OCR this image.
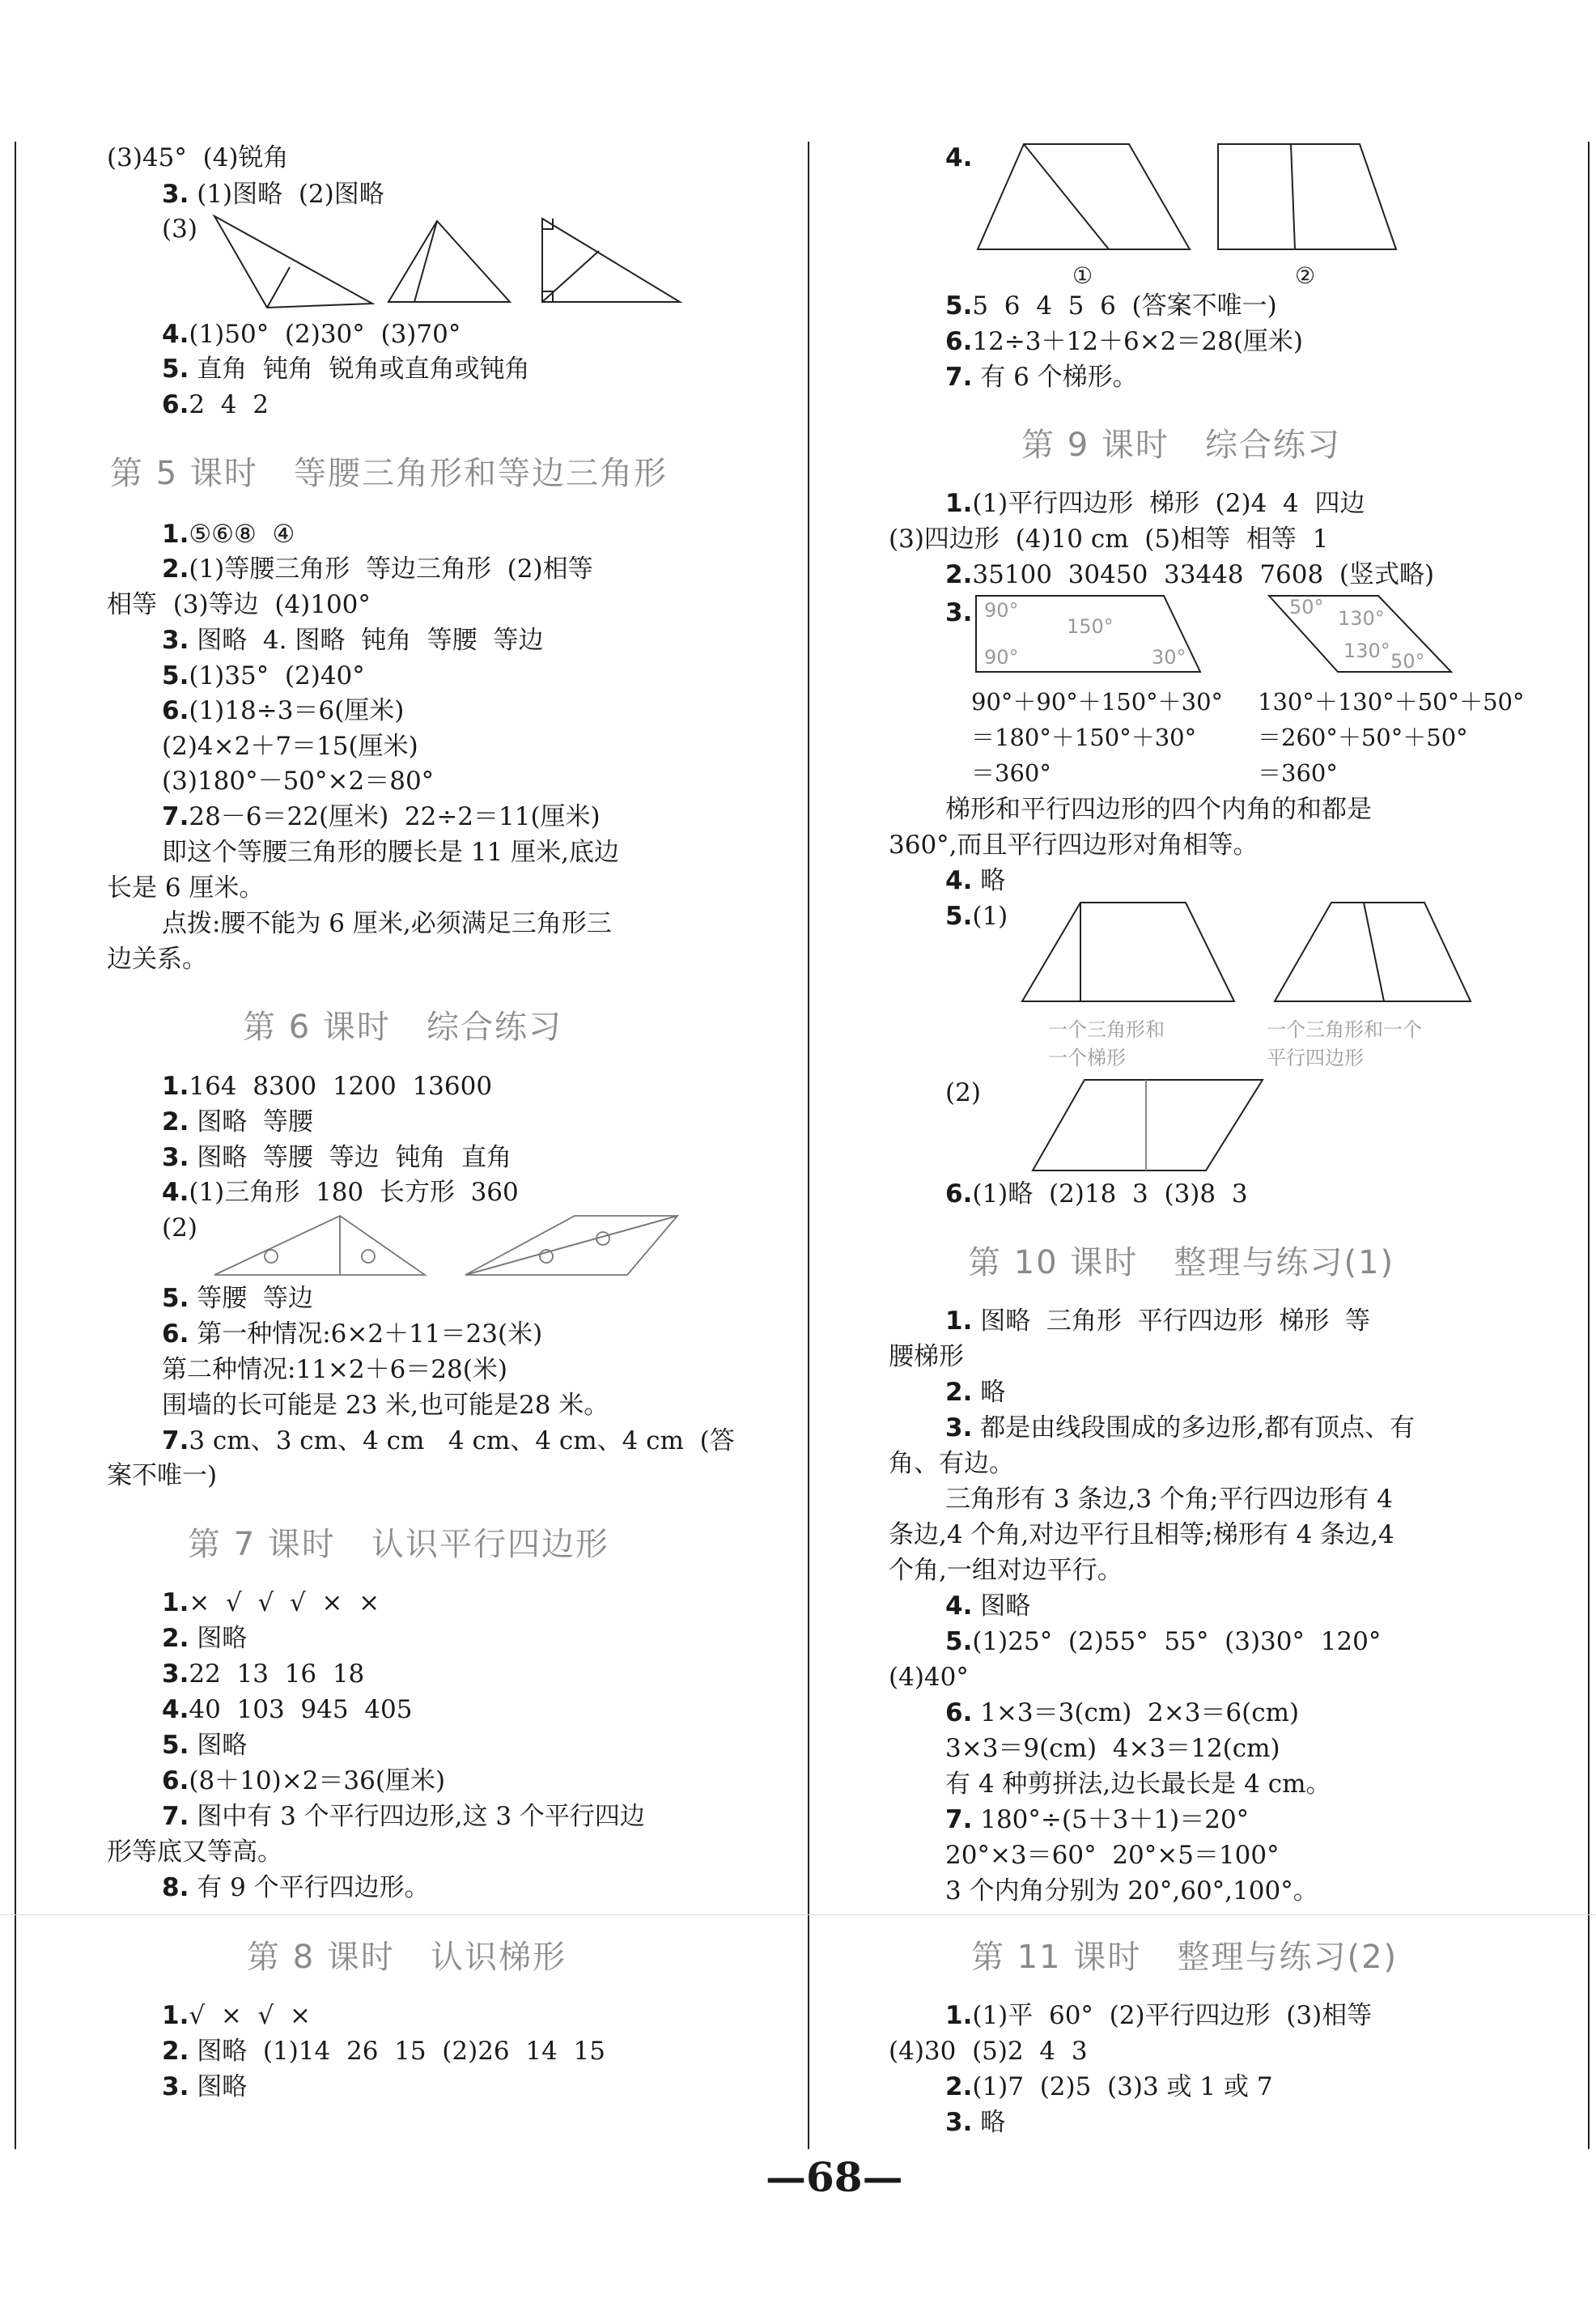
(3)45°  (4)锐角
3. (1)图略  (2)图略
(3)
4.(1)50°  (2)30°  (3)70°
5. 直角  钝角  锐角或直角或钝角
6.2  4  2
第 5 课时   等腰三角形和等边三角形
1.⑤⑥⑧  ④
2.(1)等腰三角形  等边三角形  (2)相等
相等  (3)等边  (4)100°
3. 图略  4. 图略  钝角  等腰  等边
5.(1)35°  (2)40°
6.(1)18÷3＝6(厘米)
(2)4×2＋7＝15(厘米)
(3)180°－50°×2＝80°
7.28－6＝22(厘米)  22÷2＝11(厘米)
即这个等腰三角形的腰长是 11 厘米,底边
长是 6 厘米。
点拨:腰不能为 6 厘米,必须满足三角形三
边关系。
第 6 课时   综合练习
1.164  8300  1200  13600
2. 图略  等腰
3. 图略  等腰  等边  钝角  直角
4.(1)三角形  180  长方形  360
(2)
5. 等腰  等边
6. 第一种情况:6×2＋11＝23(米)
第二种情况:11×2＋6＝28(米)
围墙的长可能是 23 米,也可能是28 米。
7.3 cm、3 cm、4 cm   4 cm、4 cm、4 cm  (答
案不唯一)
第 7 课时   认识平行四边形
1.×  √  √  √  ×  ×
2. 图略
3.22  13  16  18
4.40  103  945  405
5. 图略
6.(8＋10)×2＝36(厘米)
7. 图中有 3 个平行四边形,这 3 个平行四边
形等底又等高。
8. 有 9 个平行四边形。
第 8 课时   认识梯形
1.√  ×  √  ×
2. 图略  (1)14  26  15  (2)26  14  15
3. 图略
4.
①	②
5.5  6  4  5  6  (答案不唯一)
6.12÷3＋12＋6×2＝28(厘米)
7. 有 6 个梯形。
第 9 课时   综合练习
1.(1)平行四边形  梯形  (2)4  4  四边
(3)四边形  (4)10 cm  (5)相等  相等  1
2.35100  30450  33448  7608  (竖式略)
3. 90°
90°
150°
30°
50° 130°
130° 50°
90°＋90°＋150°＋30°
＝180°＋150°＋30°
＝360°
130°＋130°＋50°＋50°
＝260°＋50°＋50°
＝360°
梯形和平行四边形的四个内角的和都是
360°,而且平行四边形对角相等。
4. 略
5.(1)
一个三角形和
一个梯形
一个三角形和一个
平行四边形
(2)
6.(1)略  (2)18  3  (3)8  3
第 10 课时   整理与练习(1)
1. 图略  三角形  平行四边形  梯形  等
腰梯形
2. 略
3. 都是由线段围成的多边形,都有顶点、有
角、有边。
三角形有 3 条边,3 个角;平行四边形有 4
条边,4 个角,对边平行且相等;梯形有 4 条边,4
个角,一组对边平行。
4. 图略
5.(1)25°  (2)55°  55°  (3)30°  120°
(4)40°
6. 1×3＝3(cm)  2×3＝6(cm)
3×3＝9(cm)  4×3＝12(cm)
有 4 种剪拼法,边长最长是 4 cm。
7. 180°÷(5＋3＋1)＝20°
20°×3＝60°  20°×5＝100°
3 个内角分别为 20°,60°,100°。
第 11 课时   整理与练习(2)
1.(1)平  60°  (2)平行四边形  (3)相等
(4)30  (5)2  4  3
2.(1)7  (2)5  (3)3 或 1 或 7
3. 略
—68—
